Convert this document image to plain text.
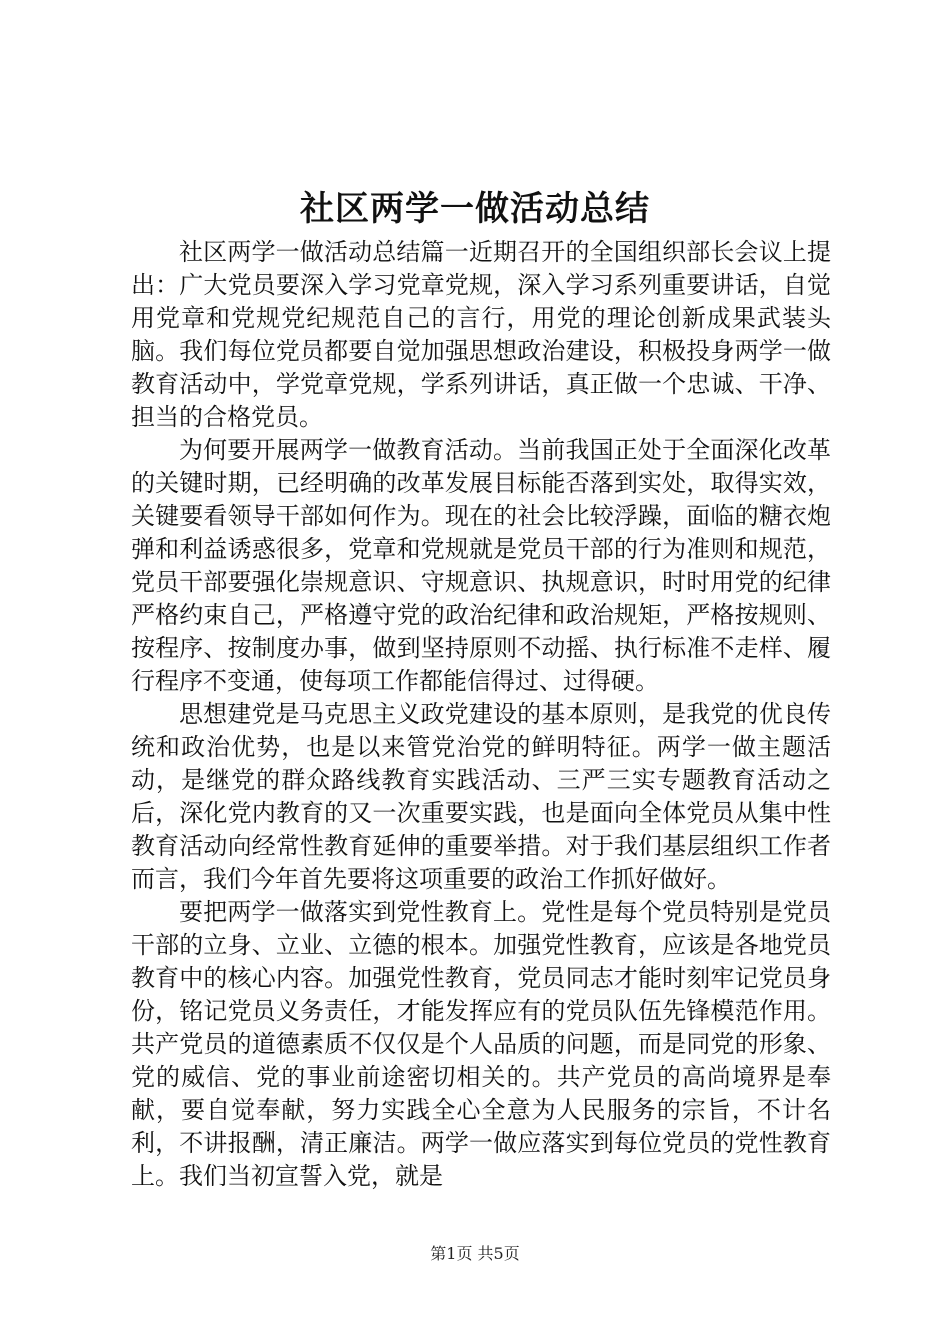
社区两学一做活动总结

社区两学一做活动总结篇一近期召开的全国组织部长会议上提出：广大党员要深入学习党章党规，深入学习系列重要讲话，自觉用党章和党规党纪规范自己的言行，用党的理论创新成果武装头脑。我们每位党员都要自觉加强思想政治建设，积极投身两学一做教育活动中，学党章党规，学系列讲话，真正做一个忠诚、干净、担当的合格党员。

为何要开展两学一做教育活动。当前我国正处于全面深化改革的关键时期，已经明确的改革发展目标能否落到实处，取得实效，关键要看领导干部如何作为。现在的社会比较浮躁，面临的糖衣炮弹和利益诱惑很多，党章和党规就是党员干部的行为准则和规范，党员干部要强化崇规意识、守规意识、执规意识，时时用党的纪律严格约束自己，严格遵守党的政治纪律和政治规矩，严格按规则、按程序、按制度办事，做到坚持原则不动摇、执行标准不走样、履行程序不变通，使每项工作都能信得过、过得硬。

思想建党是马克思主义政党建设的基本原则，是我党的优良传统和政治优势，也是以来管党治党的鲜明特征。两学一做主题活动，是继党的群众路线教育实践活动、三严三实专题教育活动之后，深化党内教育的又一次重要实践，也是面向全体党员从集中性教育活动向经常性教育延伸的重要举措。对于我们基层组织工作者而言，我们今年首先要将这项重要的政治工作抓好做好。

要把两学一做落实到党性教育上。党性是每个党员特别是党员干部的立身、立业、立德的根本。加强党性教育，应该是各地党员教育中的核心内容。加强党性教育，党员同志才能时刻牢记党员身份，铭记党员义务责任，才能发挥应有的党员队伍先锋模范作用。共产党员的道德素质不仅仅是个人品质的问题，而是同党的形象、党的威信、党的事业前途密切相关的。共产党员的高尚境界是奉献，要自觉奉献，努力实践全心全意为人民服务的宗旨，不计名利，不讲报酬，清正廉洁。两学一做应落实到每位党员的党性教育上。我们当初宣誓入党，就是

第1页 共5页
